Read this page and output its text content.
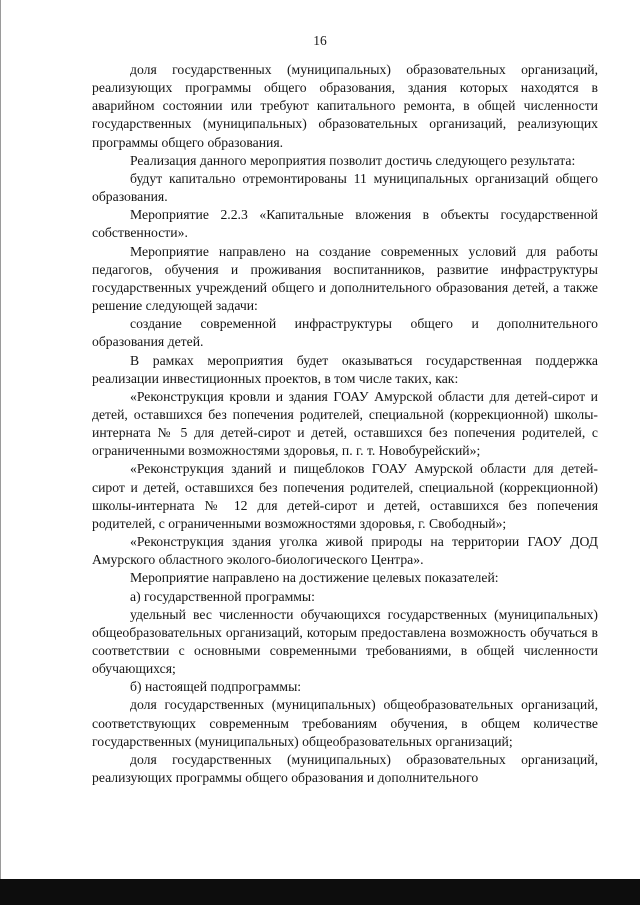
16

доля государственных (муниципальных) образовательных организаций, реализующих программы общего образования, здания которых находятся в аварийном состоянии или требуют капитального ремонта, в общей численности государственных (муниципальных) образовательных организаций, реализующих программы общего образования.

Реализация данного мероприятия позволит достичь следующего результата:

будут капитально отремонтированы 11 муниципальных организаций общего образования.

Мероприятие 2.2.3 «Капитальные вложения в объекты государственной собственности».

Мероприятие направлено на создание современных условий для работы педагогов, обучения и проживания воспитанников, развитие инфраструктуры государственных учреждений общего и дополнительного образования детей, а также решение следующей задачи:

создание современной инфраструктуры общего и дополнительного образования детей.

В рамках мероприятия будет оказываться государственная поддержка реализации инвестиционных проектов, в том числе таких, как:

«Реконструкция кровли и здания ГОАУ Амурской области для детей-сирот и детей, оставшихся без попечения родителей, специальной (коррекционной) школы-интерната № 5 для детей-сирот и детей, оставшихся без попечения родителей, с ограниченными возможностями здоровья, п. г. т. Новобурейский»;

«Реконструкция зданий и пищеблоков ГОАУ Амурской области для детей-сирот и детей, оставшихся без попечения родителей, специальной (коррекционной) школы-интерната № 12 для детей-сирот и детей, оставшихся без попечения родителей, с ограниченными возможностями здоровья, г. Свободный»;

«Реконструкция здания уголка живой природы на территории ГАОУ ДОД Амурского областного эколого-биологического Центра».

Мероприятие направлено на достижение целевых показателей:

а) государственной программы:

удельный вес численности обучающихся государственных (муниципальных) общеобразовательных организаций, которым предоставлена возможность обучаться в соответствии с основными современными требованиями, в общей численности обучающихся;

б) настоящей подпрограммы:

доля государственных (муниципальных) общеобразовательных организаций, соответствующих современным требованиям обучения, в общем количестве государственных (муниципальных) общеобразовательных организаций;

доля государственных (муниципальных) образовательных организаций, реализующих программы общего образования и дополнительного
